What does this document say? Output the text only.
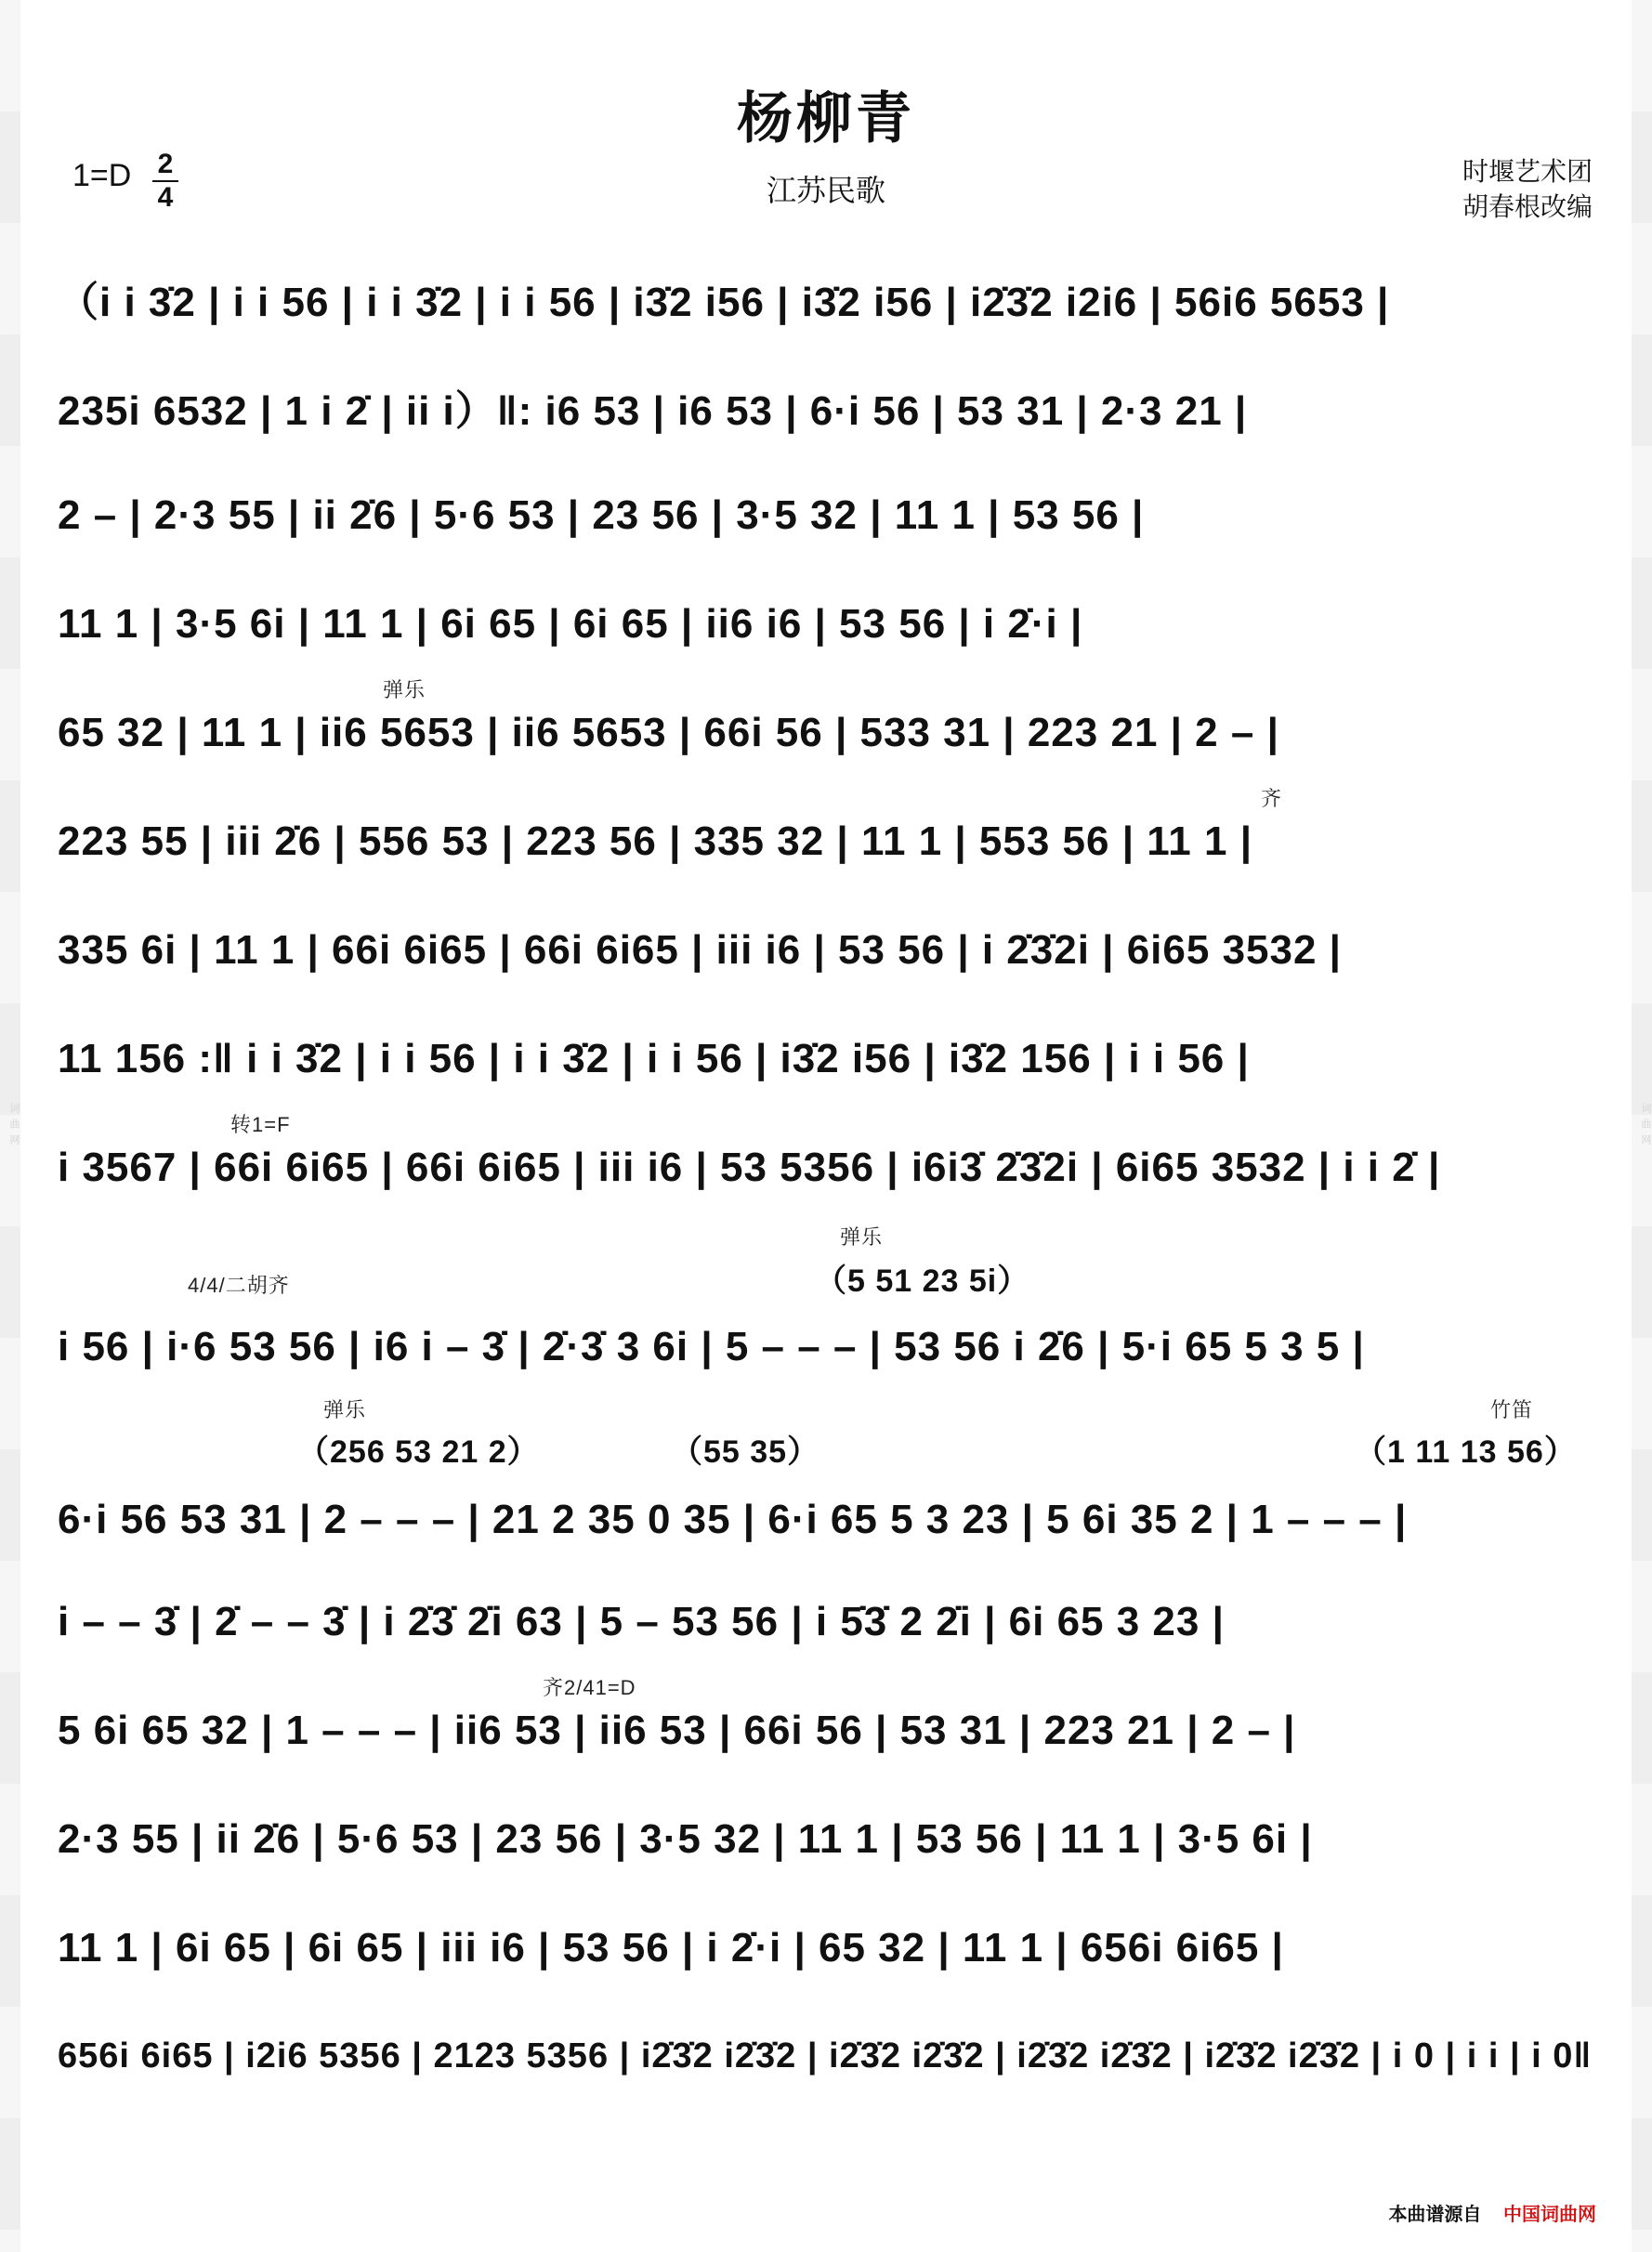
词曲网	词曲网
杨柳青
1=D 2
4	江苏民歌
时堰艺术团
胡春根改编
（i i 3̇2 | i i 56 | i i 3̇2 | i i 56 | i3̇2 i56 | i3̇2 i56 | i2̇3̇2 i2i6 | 56i6 5653 |
235i 6532 | 1 i 2̇ | ii i）‖: i6 53 | i6 53 | 6·i 56 | 53 31 | 2·3 21 |
2 – | 2·3 55 | ii 2̇6 | 5·6 53 | 23 56 | 3·5 32 | 11 1 | 53 56 |
11 1 | 3·5 6i | 11 1 | 6i 65 | 6i 65 | ii6 i6 | 53 56 | i 2̇·i |
弹乐
65 32 | 11 1 | ii6 5653 | ii6 5653 | 66i 56 | 533 31 | 223 21 | 2 – |
齐
223 55 | iii 2̇6 | 556 53 | 223 56 | 335 32 | 11 1 | 553 56 | 11 1 |
335 6i | 11 1 | 66i 6i65 | 66i 6i65 | iii i6 | 53 56 | i 2̇3̇2i | 6i65 3532 |
11 156 :‖ i i 3̇2 | i i 56 | i i 3̇2 | i i 56 | i3̇2 i56 | i3̇2 156 | i i 56 |
转1=F
i 3567 | 66i 6i65 | 66i 6i65 | iii i6 | 53 5356 | i6i3̇ 2̇3̇2i | 6i65 3532 | i i 2̇ |
弹乐
4/4/二胡齐	（5 51 23 5i）
i 56 | i·6 53 56 | i6 i – 3̇ | 2̇·3̇ 3 6i | 5 – – – | 53 56 i 2̇6 | 5·i 65 5 3 5 |
弹乐	竹笛
（256 53 21 2）	（55 35）	（1 11 13 56）
6·i 56 53 31 | 2 – – – | 21 2 35 0 35 | 6·i 65 5 3 23 | 5 6i 35 2 | 1 – – – |
i – – 3̇ | 2̇ – – 3̇ | i 2̇3̇ 2̇i 63 | 5 – 53 56 | i 5̇3̇ 2 2̇i | 6i 65 3 23 |
齐2/41=D
5 6i 65 32 | 1 – – – | ii6 53 | ii6 53 | 66i 56 | 53 31 | 223 21 | 2 – |
2·3 55 | ii 2̇6 | 5·6 53 | 23 56 | 3·5 32 | 11 1 | 53 56 | 11 1 | 3·5 6i |
11 1 | 6i 65 | 6i 65 | iii i6 | 53 56 | i 2̇·i | 65 32 | 11 1 | 656i 6i65 |
656i 6i65 | i2i6 5356 | 2123 5356 | i2̇3̇2 i2̇3̇2 | i2̇3̇2 i2̇3̇2 | i2̇3̇2 i2̇3̇2 | i2̇3̇2 i2̇3̇2 | i 0 | i i | i 0‖
本曲谱源自 中国词曲网
